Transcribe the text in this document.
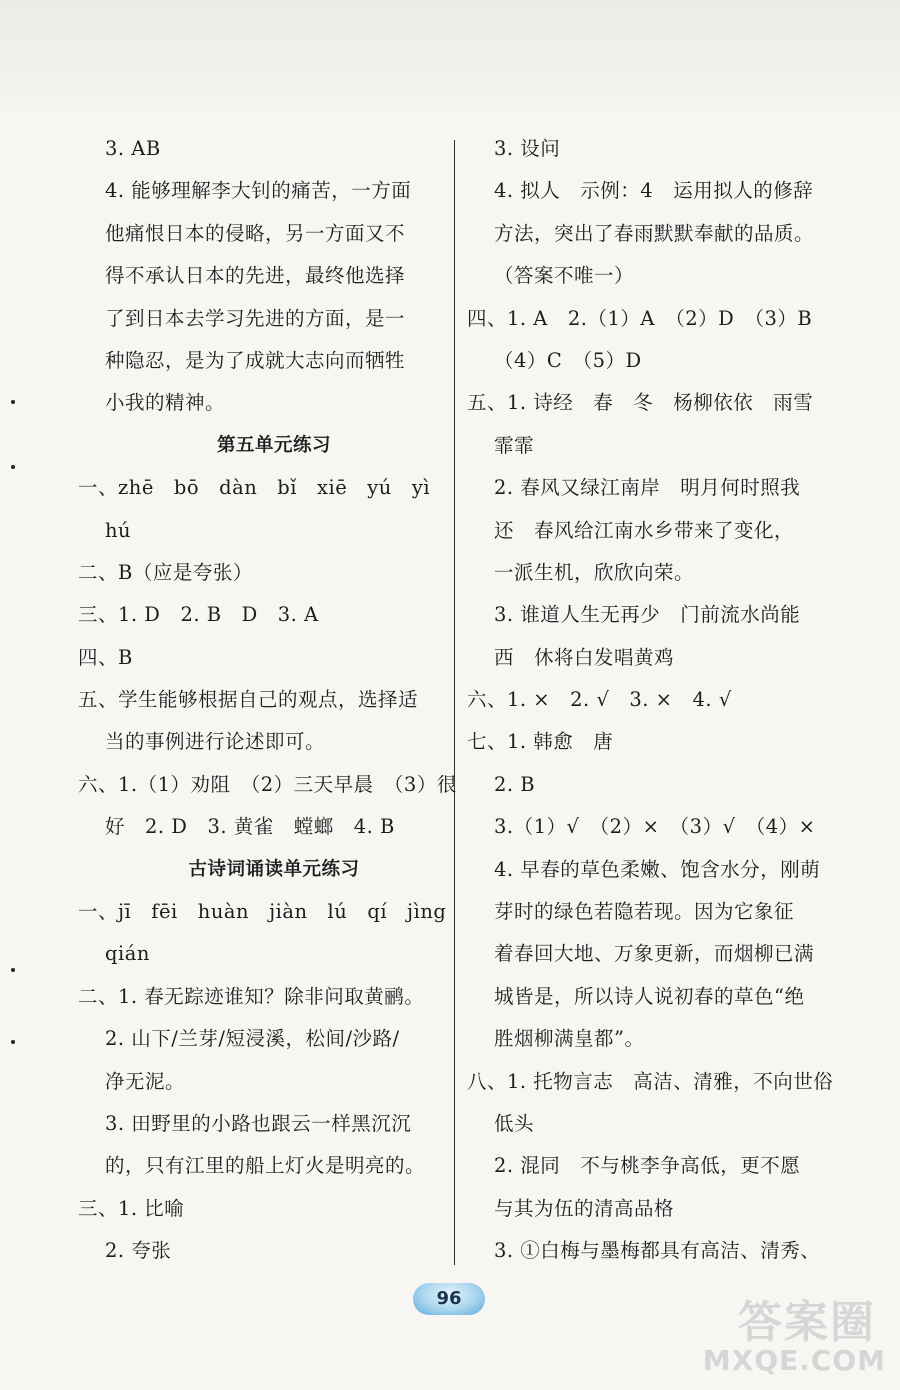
3. AB
4. 能够理解李大钊的痛苦，一方面
他痛恨日本的侵略，另一方面又不
得不承认日本的先进，最终他选择
了到日本去学习先进的方面，是一
种隐忍，是为了成就大志向而牺牲
小我的精神。
第五单元练习
一、zhē　bō　dàn　bǐ　xiē　yú　yì
hú
二、B（应是夸张）
三、1. D　2. B　D　3. A
四、B
五、学生能够根据自己的观点，选择适
当的事例进行论述即可。
六、1.（1）劝阻　（2）三天早晨　（3）很
好　2. D　3. 黄雀　螳螂　4. B
古诗词诵读单元练习
一、jī　fēi　huàn　jiàn　lú　qí　jìng
qián
二、1. 春无踪迹谁知？除非问取黄鹂。
2. 山下/兰芽/短浸溪，松间/沙路/
净无泥。
3. 田野里的小路也跟云一样黑沉沉
的，只有江里的船上灯火是明亮的。
三、1. 比喻
2. 夸张
3. 设问
4. 拟人　示例：4　运用拟人的修辞
方法，突出了春雨默默奉献的品质。
（答案不唯一）
四、1. A　2.（1）A　（2）D　（3）B
（4）C　（5）D
五、1. 诗经　春　冬　杨柳依依　雨雪
霏霏
2. 春风又绿江南岸　明月何时照我
还　春风给江南水乡带来了变化，
一派生机，欣欣向荣。
3. 谁道人生无再少　门前流水尚能
西　休将白发唱黄鸡
六、1. ×　2. √　3. ×　4. √
七、1. 韩愈　唐
2. B
3.（1）√　（2）×　（3）√　（4）×
4. 早春的草色柔嫩、饱含水分，刚萌
芽时的绿色若隐若现。因为它象征
着春回大地、万象更新，而烟柳已满
城皆是，所以诗人说初春的草色“绝
胜烟柳满皇都”。
八、1. 托物言志　高洁、清雅，不向世俗
低头
2. 混同　不与桃李争高低，更不愿
与其为伍的清高品格
3. ①白梅与墨梅都具有高洁、清秀、
96	答案圈
MXQE.COM
